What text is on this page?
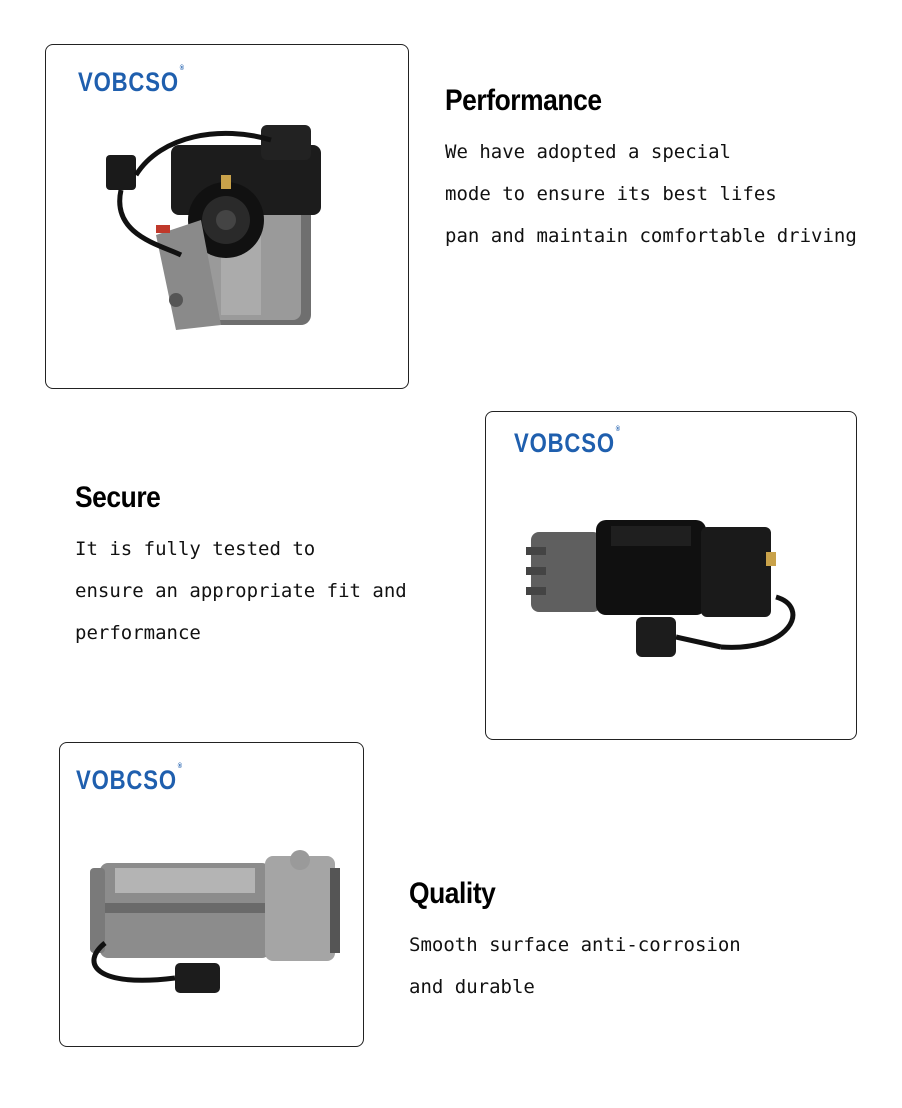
VOBCSO®
Performance
We have adopted a special
mode to ensure its best lifes
pan and maintain comfortable driving
Secure
It is fully tested to
ensure an appropriate fit and
performance
VOBCSO®
VOBCSO®
Quality
Smooth surface anti-corrosion
and durable
